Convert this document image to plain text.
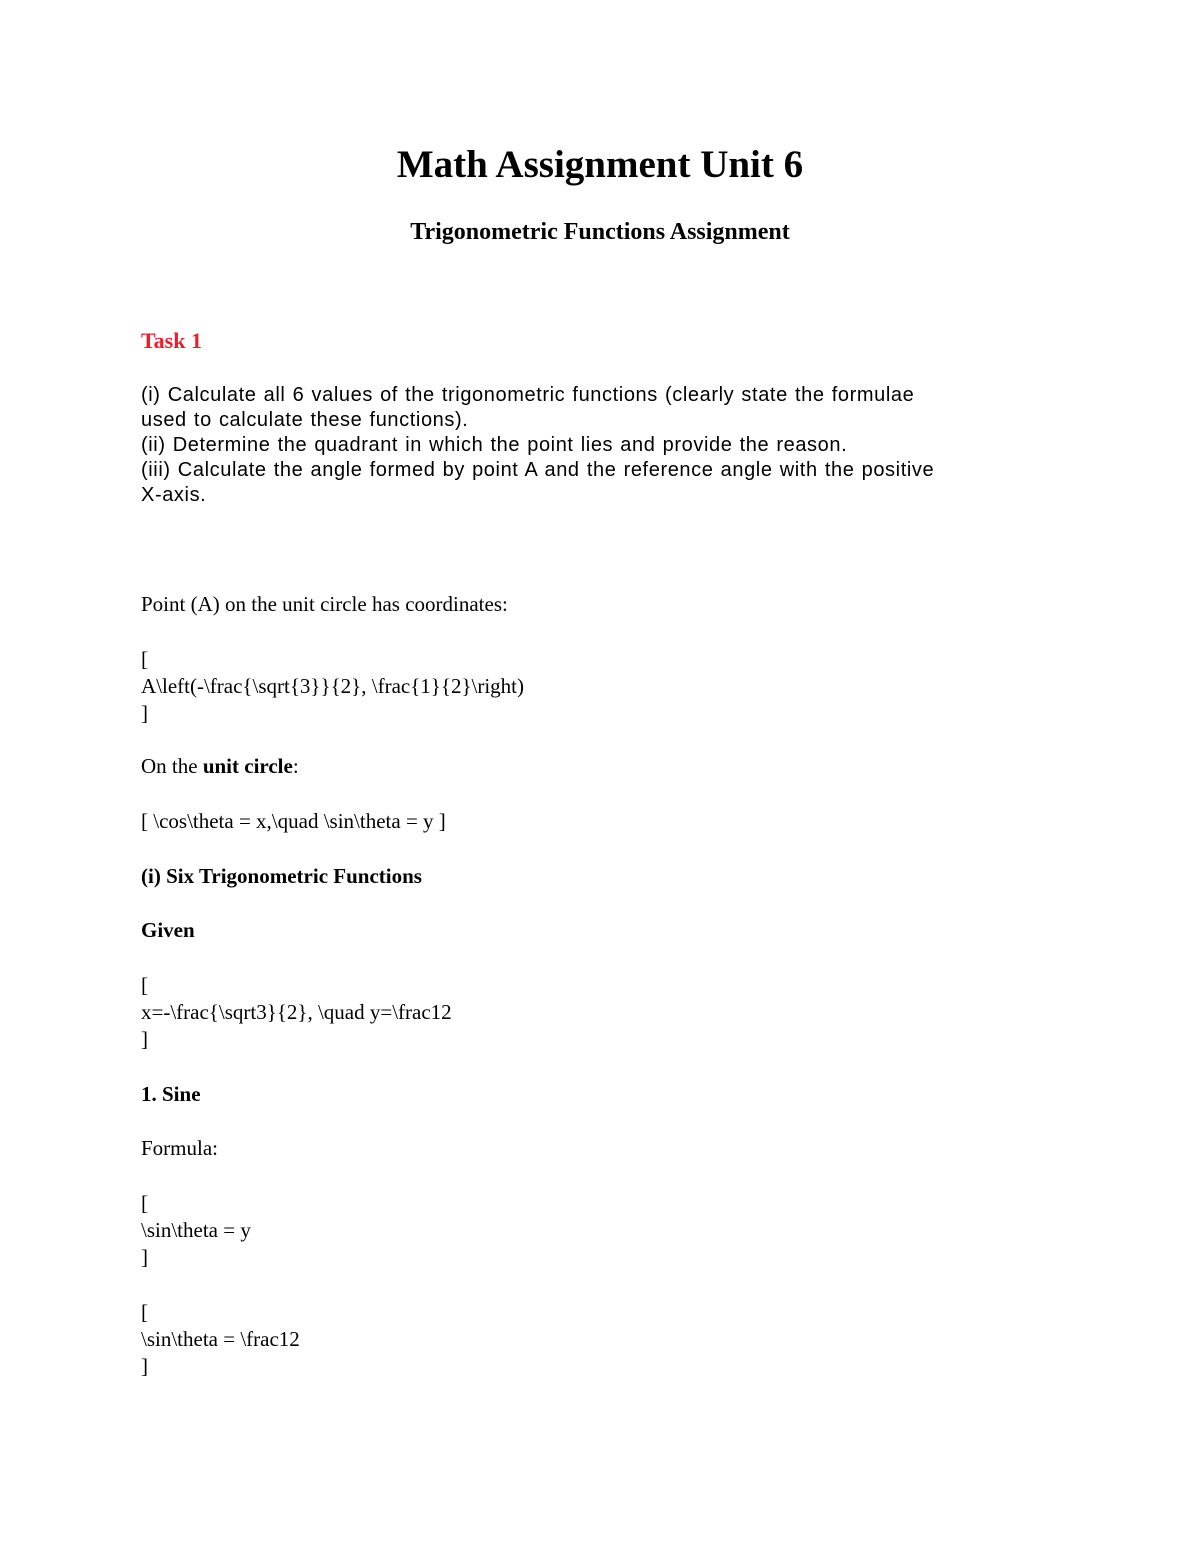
Math Assignment Unit 6
Trigonometric Functions Assignment
Task 1
(i) Calculate all 6 values of the trigonometric functions (clearly state the formulae
used to calculate these functions).
(ii) Determine the quadrant in which the point lies and provide the reason.
(iii) Calculate the angle formed by point A and the reference angle with the positive
X-axis.
Point (A) on the unit circle has coordinates:
[
A\left(-\frac{\sqrt{3}}{2}, \frac{1}{2}\right)
]
On the unit circle:
[ \cos\theta = x,\quad \sin\theta = y ]
(i) Six Trigonometric Functions
Given
[
x=-\frac{\sqrt3}{2}, \quad y=\frac12
]
1. Sine
Formula:
[
\sin\theta = y
]
[
\sin\theta = \frac12
]
